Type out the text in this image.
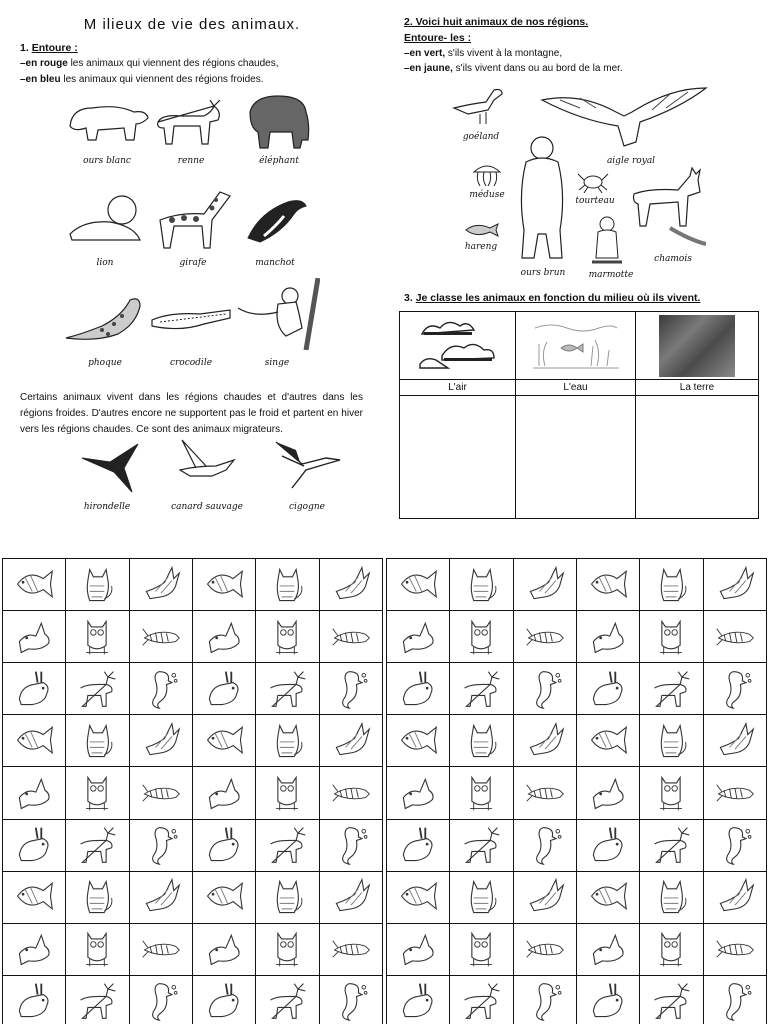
M ilieux de vie des animaux.
1. Entoure :
–en rouge les animaux qui viennent des régions chaudes,
–en bleu les animaux qui viennent des régions froides.
ours blanc	renne	éléphant
lion	girafe	manchot
phoque	crocodile	singe
Certains animaux vivent dans les régions chaudes et d'autres dans les régions froides. D'autres encore ne supportent pas le froid et partent en hiver vers les régions chaudes. Ce sont des animaux migrateurs.
hirondelle	canard sauvage	cigogne
2. Voici huit animaux de nos régions.
Entoure- les :
–en vert, s'ils vivent à la montagne,
–en jaune, s'ils vivent dans ou au bord de la mer.
goéland
aigle royal
méduse
tourteau
hareng
ours brun	marmotte
chamois
3. Je classe les animaux en fonction du milieu où ils vivent.

L'air	L'eau	La terre
